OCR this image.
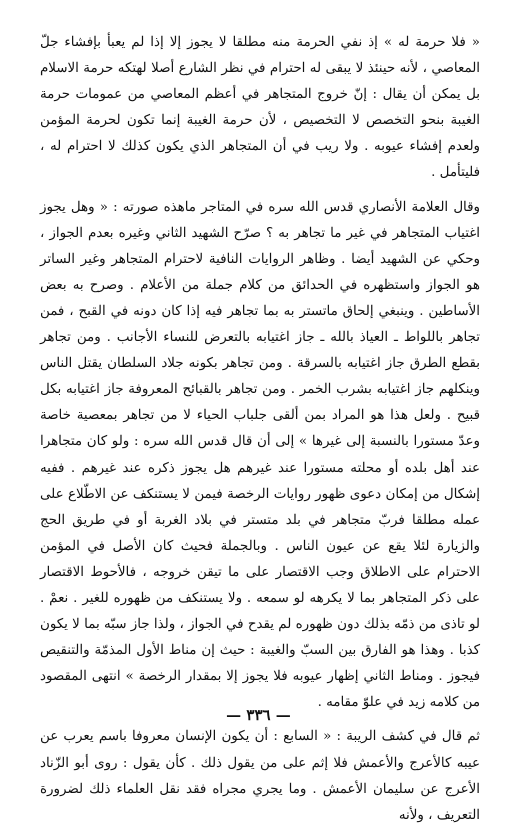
« فلا حرمة له » إذ نفي الحرمة منه مطلقا لا يجوز إلا إذا لم يعبأ بإفشاء جلّ المعاصي ، لأنه حينئذ لا يبقى له احترام في نظر الشارع أصلا لهتكه حرمة الاسلام بل يمكن أن يقال : إنّ خروج المتجاهر في أعظم المعاصي من عمومات حرمة الغيبة بنحو التخصص لا التخصيص ، لأن حرمة الغيبة إنما تكون لحرمة المؤمن ولعدم إفشاء عيوبه . ولا ريب في أن المتجاهر الذي يكون كذلك لا احترام له ، فليتأمل .

وقال العلامة الأنصاري قدس الله سره في المتاجر ماهذه صورته : « وهل يجوز اغتياب المتجاهر في غير ما تجاهر به ؟ صرّح الشهيد الثاني وغيره بعدم الجواز ، وحكي عن الشهيد أيضا . وظاهر الروايات النافية لاحترام المتجاهر وغير الساتر هو الجواز واستظهره في الحدائق من كلام جملة من الأعلام . وصرح به بعض الأساطين . وينبغي إلحاق ماتستر به بما تجاهر فيه إذا كان دونه في القبح ، فمن تجاهر باللواط ـ العياذ بالله ـ جاز اغتيابه بالتعرض للنساء الأجانب . ومن تجاهر بقطع الطرق جاز اغتيابه بالسرقة . ومن تجاهر بكونه جلاد السلطان يقتل الناس وينكلهم جاز اغتيابه بشرب الخمر . ومن تجاهر بالقبائح المعروفة جاز اغتيابه بكل قبيح . ولعل هذا هو المراد بمن ألقى جلباب الحياء لا من تجاهر بمعصية خاصة وعدّ مستورا بالنسبة إلى غيرها » إلى أن قال قدس الله سره : ولو كان متجاهرا عند أهل بلده أو محلته مستورا عند غيرهم هل يجوز ذكره عند غيرهم . ففيه إشكال من إمكان دعوى ظهور روايات الرخصة فيمن لا يستنكف عن الاطّلاع على عمله مطلقا فربّ متجاهر في بلد متستر في بلاد الغربة أو في طريق الحج والزيارة لئلا يقع عن عيون الناس . وبالجملة فحيث كان الأصل في المؤمن الاحترام على الاطلاق وجب الاقتصار على ما تيقن خروجه ، فالأحوط الاقتصار على ذكر المتجاهر بما لا يكرهه لو سمعه . ولا يستنكف من ظهوره للغير . نعمْ . لو تاذى من ذمّه بذلك دون ظهوره لم يقدح في الجواز ، ولذا جاز سبّه بما لا يكون كذبا . وهذا هو الفارق بين السبّ والغيبة : حيث إن مناط الأول المذمّة والتنقيص فيجوز . ومناط الثاني إظهار عيوبه فلا يجوز إلا بمقدار الرخصة » انتهى المقصود من كلامه زيد في علوّ مقامه .

ثم قال في كشف الريبة : « السابع : أن يكون الإنسان معروفا باسم يعرب عن عيبه كالأعرج والأعمش فلا إثم على من يقول ذلك . كأن يقول : روى أبو الزّناد الأعرج عن سليمان الأعمش . وما يجري مجراه فقد نقل العلماء ذلك لضرورة التعريف ، ولأنه

— ٣٣٦ —
